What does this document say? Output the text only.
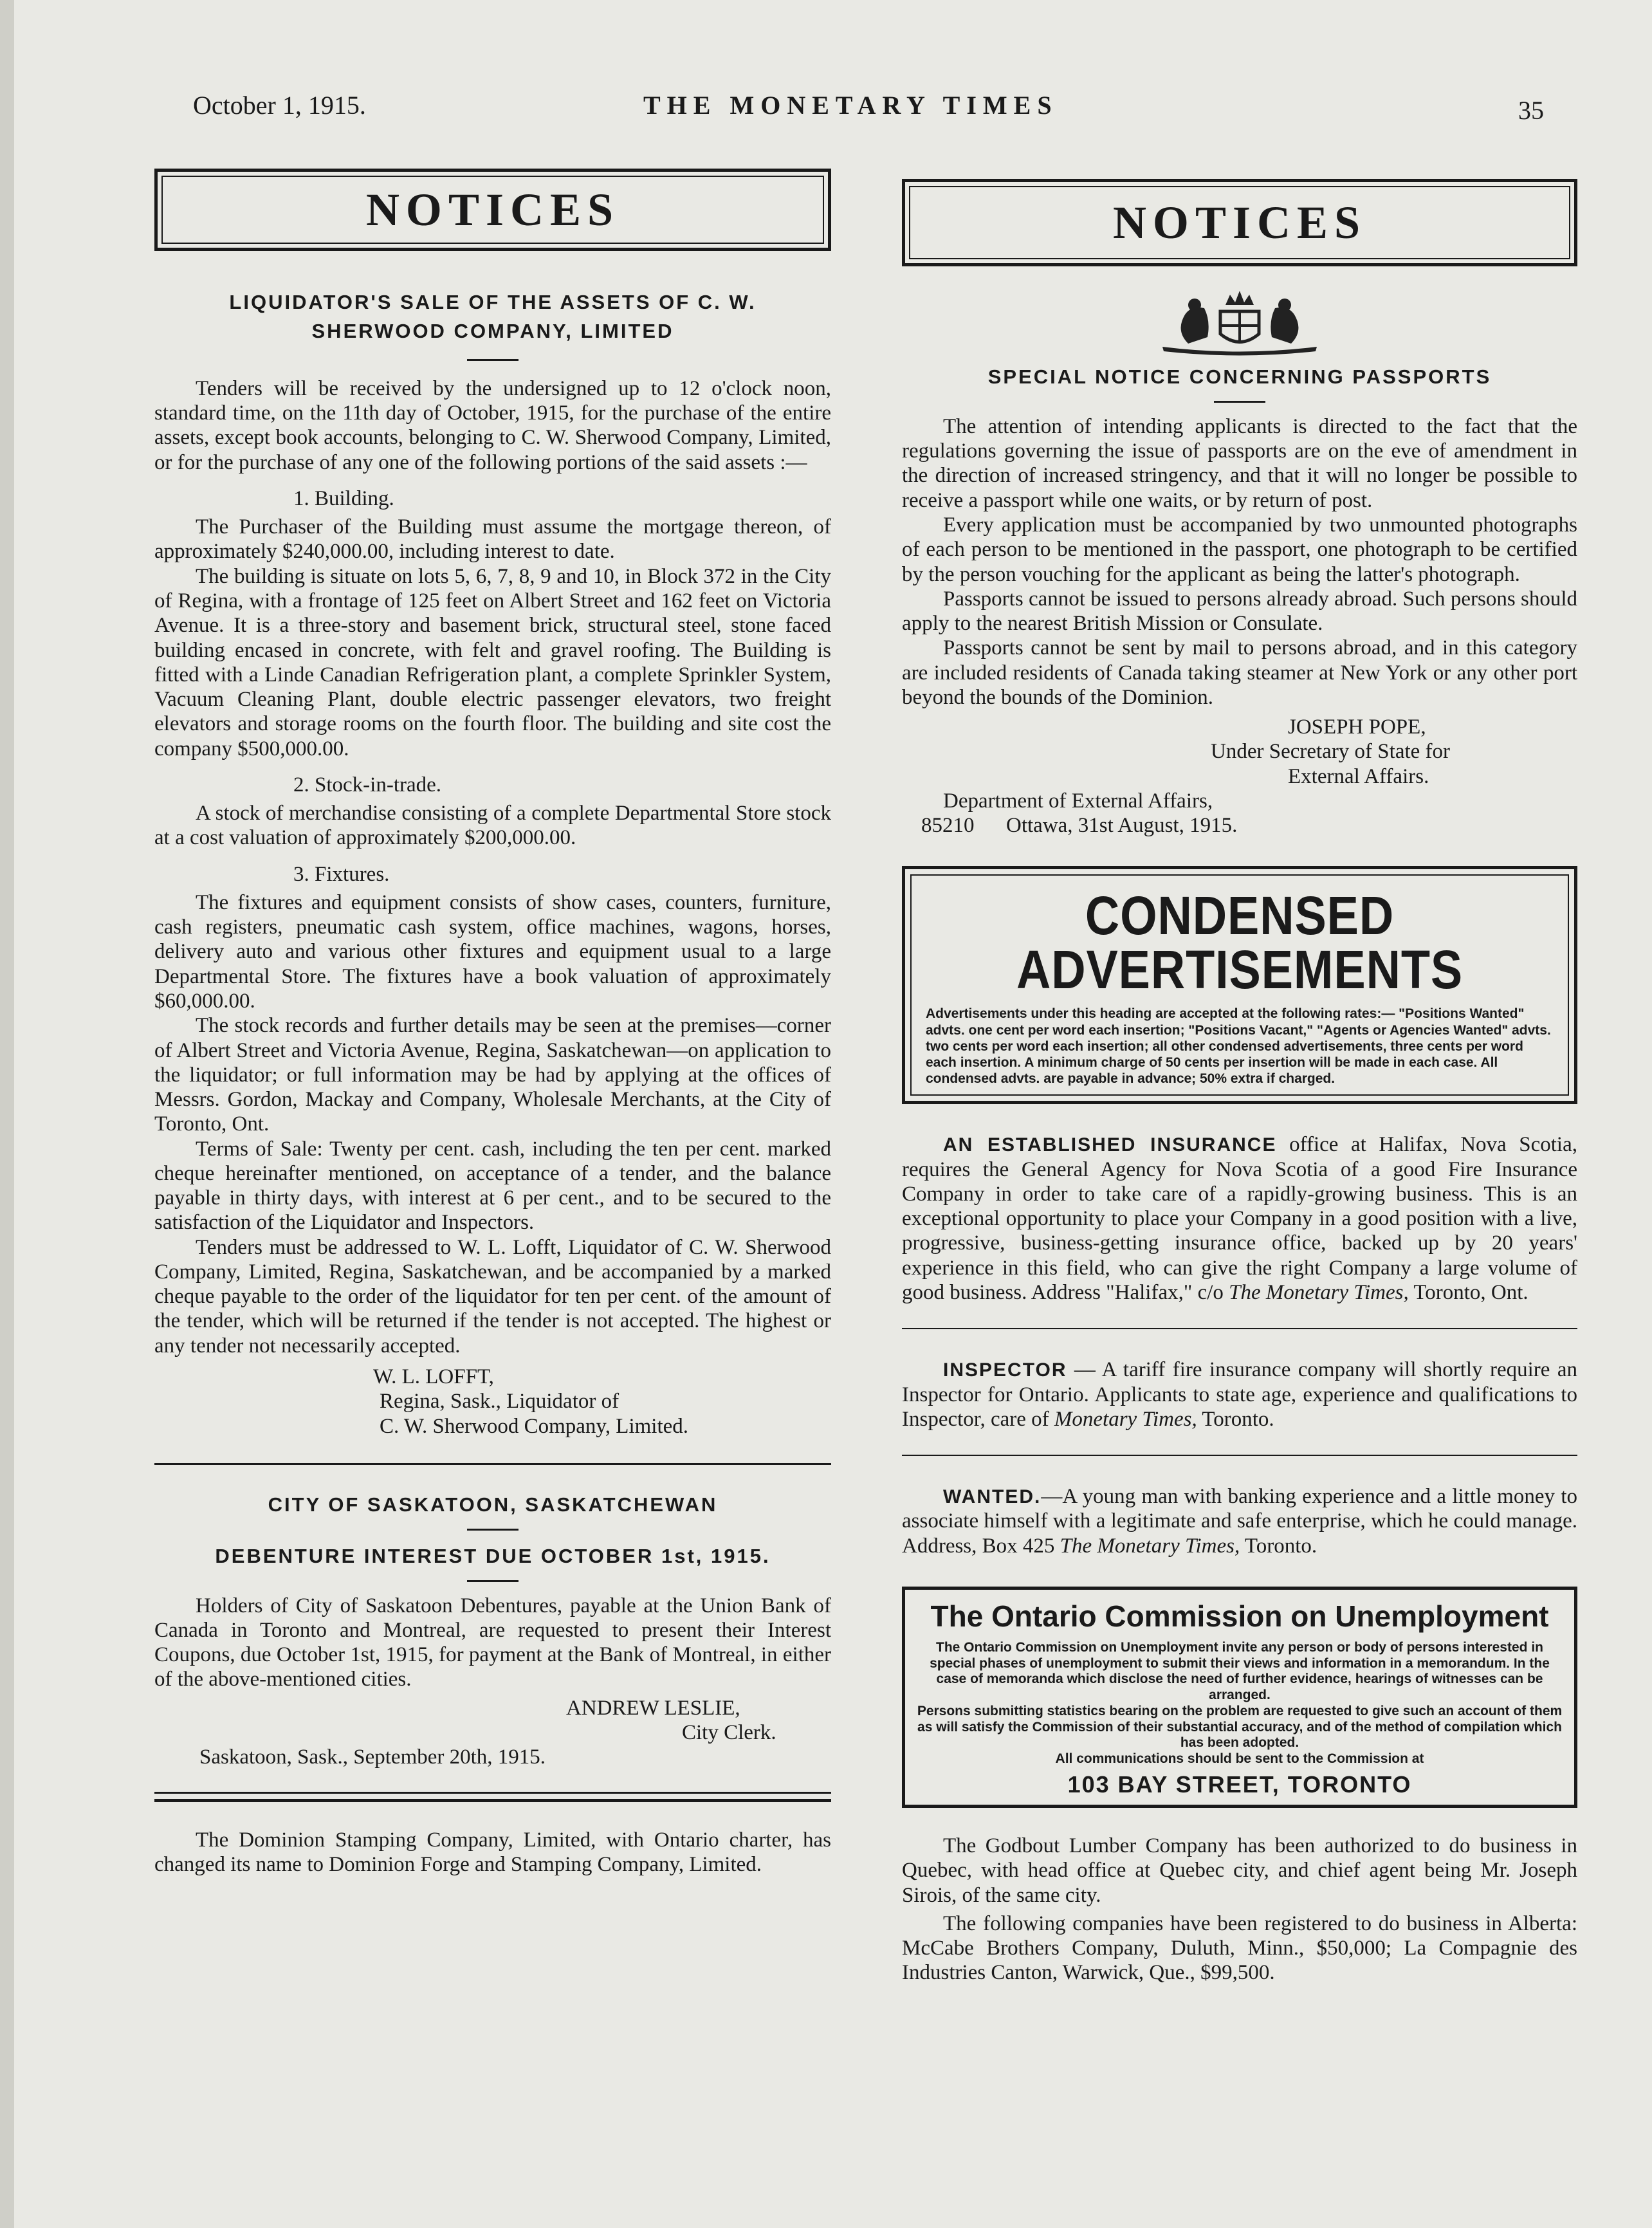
October 1, 1915.	THE MONETARY TIMES	35
NOTICES
LIQUIDATOR'S SALE OF THE ASSETS OF C. W.
SHERWOOD COMPANY, LIMITED

Tenders will be received by the undersigned up to 12 o'clock noon, standard time, on the 11th day of October, 1915, for the purchase of the entire assets, except book accounts, belonging to C. W. Sherwood Company, Limited, or for the purchase of any one of the following portions of the said assets :—

1. Building.

The Purchaser of the Building must assume the mortgage thereon, of approximately $240,000.00, including interest to date.

The building is situate on lots 5, 6, 7, 8, 9 and 10, in Block 372 in the City of Regina, with a frontage of 125 feet on Albert Street and 162 feet on Victoria Avenue. It is a three-story and basement brick, structural steel, stone faced building encased in concrete, with felt and gravel roofing. The Building is fitted with a Linde Canadian Refrigeration plant, a complete Sprinkler System, Vacuum Cleaning Plant, double electric passenger elevators, two freight elevators and storage rooms on the fourth floor. The building and site cost the company $500,000.00.

2. Stock-in-trade.

A stock of merchandise consisting of a complete Departmental Store stock at a cost valuation of approximately $200,000.00.

3. Fixtures.

The fixtures and equipment consists of show cases, counters, furniture, cash registers, pneumatic cash system, office machines, wagons, horses, delivery auto and various other fixtures and equipment usual to a large Departmental Store. The fixtures have a book valuation of approximately $60,000.00.

The stock records and further details may be seen at the premises—corner of Albert Street and Victoria Avenue, Regina, Saskatchewan—on application to the liquidator; or full information may be had by applying at the offices of Messrs. Gordon, Mackay and Company, Wholesale Merchants, at the City of Toronto, Ont.

Terms of Sale: Twenty per cent. cash, including the ten per cent. marked cheque hereinafter mentioned, on acceptance of a tender, and the balance payable in thirty days, with interest at 6 per cent., and to be secured to the satisfaction of the Liquidator and Inspectors.

Tenders must be addressed to W. L. Lofft, Liquidator of C. W. Sherwood Company, Limited, Regina, Saskatchewan, and be accompanied by a marked cheque payable to the order of the liquidator for ten per cent. of the amount of the tender, which will be returned if the tender is not accepted. The highest or any tender not necessarily accepted.

W. L. LOFFT,

Regina, Sask., Liquidator of

C. W. Sherwood Company, Limited.

CITY OF SASKATOON, SASKATCHEWAN
DEBENTURE INTEREST DUE OCTOBER 1st, 1915.

Holders of City of Saskatoon Debentures, payable at the Union Bank of Canada in Toronto and Montreal, are requested to present their Interest Coupons, due October 1st, 1915, for payment at the Bank of Montreal, in either of the above-mentioned cities.

ANDREW LESLIE,

City Clerk.

Saskatoon, Sask., September 20th, 1915.

The Dominion Stamping Company, Limited, with Ontario charter, has changed its name to Dominion Forge and Stamping Company, Limited.

NOTICES
SPECIAL NOTICE CONCERNING PASSPORTS

The attention of intending applicants is directed to the fact that the regulations governing the issue of passports are on the eve of amendment in the direction of increased stringency, and that it will no longer be possible to receive a passport while one waits, or by return of post.

Every application must be accompanied by two unmounted photographs of each person to be mentioned in the passport, one photograph to be certified by the person vouching for the applicant as being the latter's photograph.

Passports cannot be issued to persons already abroad. Such persons should apply to the nearest British Mission or Consulate.

Passports cannot be sent by mail to persons abroad, and in this category are included residents of Canada taking steamer at New York or any other port beyond the bounds of the Dominion.

JOSEPH POPE,

Under Secretary of State for

External Affairs.

Department of External Affairs,

85210      Ottawa, 31st August, 1915.

CONDENSED ADVERTISEMENTS

Advertisements under this heading are accepted at the following rates:— "Positions Wanted" advts. one cent per word each insertion; "Positions Vacant," "Agents or Agencies Wanted" advts. two cents per word each insertion; all other condensed advertisements, three cents per word each insertion. A minimum charge of 50 cents per insertion will be made in each case. All condensed advts. are payable in advance; 50% extra if charged.

AN ESTABLISHED INSURANCE office at Halifax, Nova Scotia, requires the General Agency for Nova Scotia of a good Fire Insurance Company in order to take care of a rapidly-growing business. This is an exceptional opportunity to place your Company in a good position with a live, progressive, business-getting insurance office, backed up by 20 years' experience in this field, who can give the right Company a large volume of good business. Address "Halifax," c/o The Monetary Times, Toronto, Ont.

INSPECTOR — A tariff fire insurance company will shortly require an Inspector for Ontario. Applicants to state age, experience and qualifications to Inspector, care of Monetary Times, Toronto.

WANTED.—A young man with banking experience and a little money to associate himself with a legitimate and safe enterprise, which he could manage. Address, Box 425 The Monetary Times, Toronto.

The Ontario Commission on Unemployment

The Ontario Commission on Unemployment invite any person or body of persons interested in special phases of unemployment to submit their views and information in a memorandum. In the case of memoranda which disclose the need of further evidence, hearings of witnesses can be arranged.

Persons submitting statistics bearing on the problem are requested to give such an account of them as will satisfy the Commission of their substantial accuracy, and of the method of compilation which has been adopted.

All communications should be sent to the Commission at

103 BAY STREET, TORONTO

The Godbout Lumber Company has been authorized to do business in Quebec, with head office at Quebec city, and chief agent being Mr. Joseph Sirois, of the same city.

The following companies have been registered to do business in Alberta: McCabe Brothers Company, Duluth, Minn., $50,000; La Compagnie des Industries Canton, Warwick, Que., $99,500.
